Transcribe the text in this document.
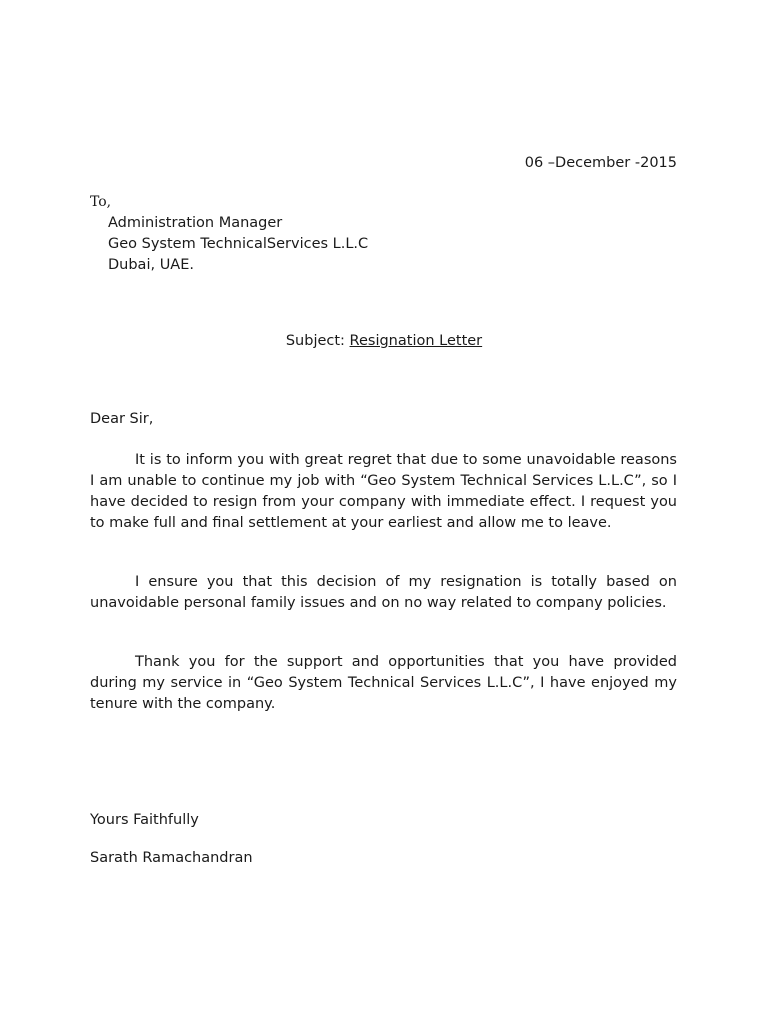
06 –December -2015
To,
Administration Manager
Geo System TechnicalServices L.L.C
Dubai, UAE.
Subject: Resignation Letter
Dear Sir,

It is to inform you with great regret that due to some unavoidable reasons I am unable to continue my job with “Geo System Technical Services L.L.C”, so I have decided to resign from your company with immediate effect. I request you to make full and final settlement at your earliest and allow me to leave.

I ensure you that this decision of my resignation is totally based on unavoidable personal family issues and on no way related to company policies.

Thank you for the support and opportunities that you have provided during my service in “Geo System Technical Services L.L.C”, I have enjoyed my tenure with the company.

Yours Faithfully
Sarath Ramachandran
